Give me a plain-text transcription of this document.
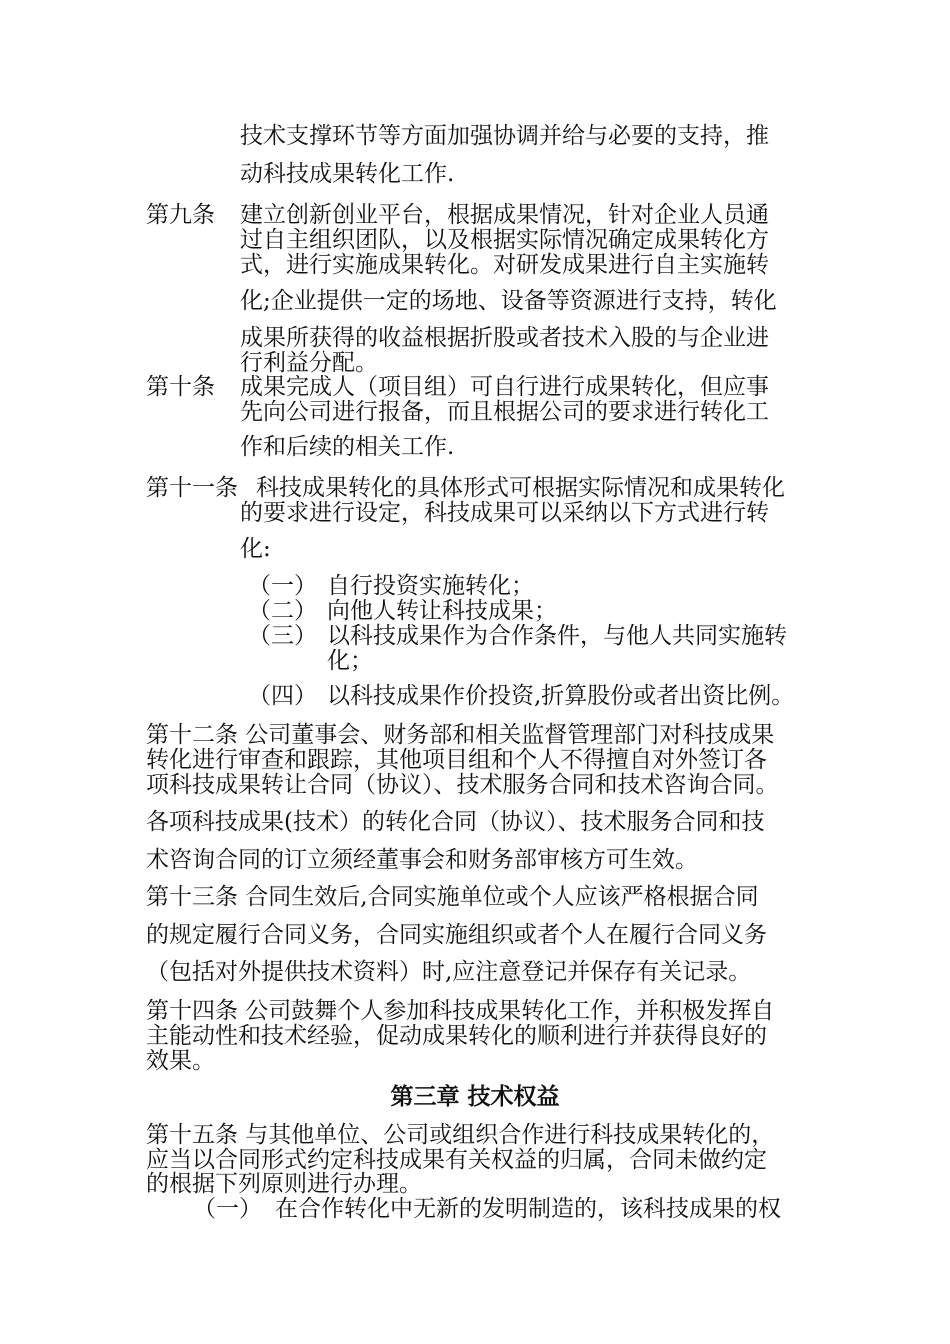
技术支撑环节等方面加强协调并给与必要的支持，推
动科技成果转化工作.
第九条 建立创新创业平台，根据成果情况，针对企业人员通
过自主组织团队，以及根据实际情况确定成果转化方
式，进行实施成果转化。对研发成果进行自主实施转
化;企业提供一定的场地、设备等资源进行支持，转化
成果所获得的收益根据折股或者技术入股的与企业进
行利益分配。
第十条 成果完成人（项目组）可自行进行成果转化，但应事
先向公司进行报备，而且根据公司的要求进行转化工
作和后续的相关工作.
第十一条 科技成果转化的具体形式可根据实际情况和成果转化
的要求进行设定，科技成果可以采纳以下方式进行转
化:
（一） 自行投资实施转化；
（二） 向他人转让科技成果；
（三） 以科技成果作为合作条件，与他人共同实施转
化；
（四） 以科技成果作价投资,折算股份或者出资比例。
第十二条 公司董事会、财务部和相关监督管理部门对科技成果
转化进行审查和跟踪，其他项目组和个人不得擅自对外签订各
项科技成果转让合同（协议）、技术服务合同和技术咨询合同。
各项科技成果(技术）的转化合同（协议）、技术服务合同和技
术咨询合同的订立须经董事会和财务部审核方可生效。
第十三条 合同生效后,合同实施单位或个人应该严格根据合同
的规定履行合同义务，合同实施组织或者个人在履行合同义务
（包括对外提供技术资料）时,应注意登记并保存有关记录。
第十四条 公司鼓舞个人参加科技成果转化工作，并积极发挥自
主能动性和技术经验，促动成果转化的顺利进行并获得良好的
效果。
第三章 技术权益
第十五条 与其他单位、公司或组织合作进行科技成果转化的，
应当以合同形式约定科技成果有关权益的归属，合同未做约定
的根据下列原则进行办理。
（一） 在合作转化中无新的发明制造的，该科技成果的权
